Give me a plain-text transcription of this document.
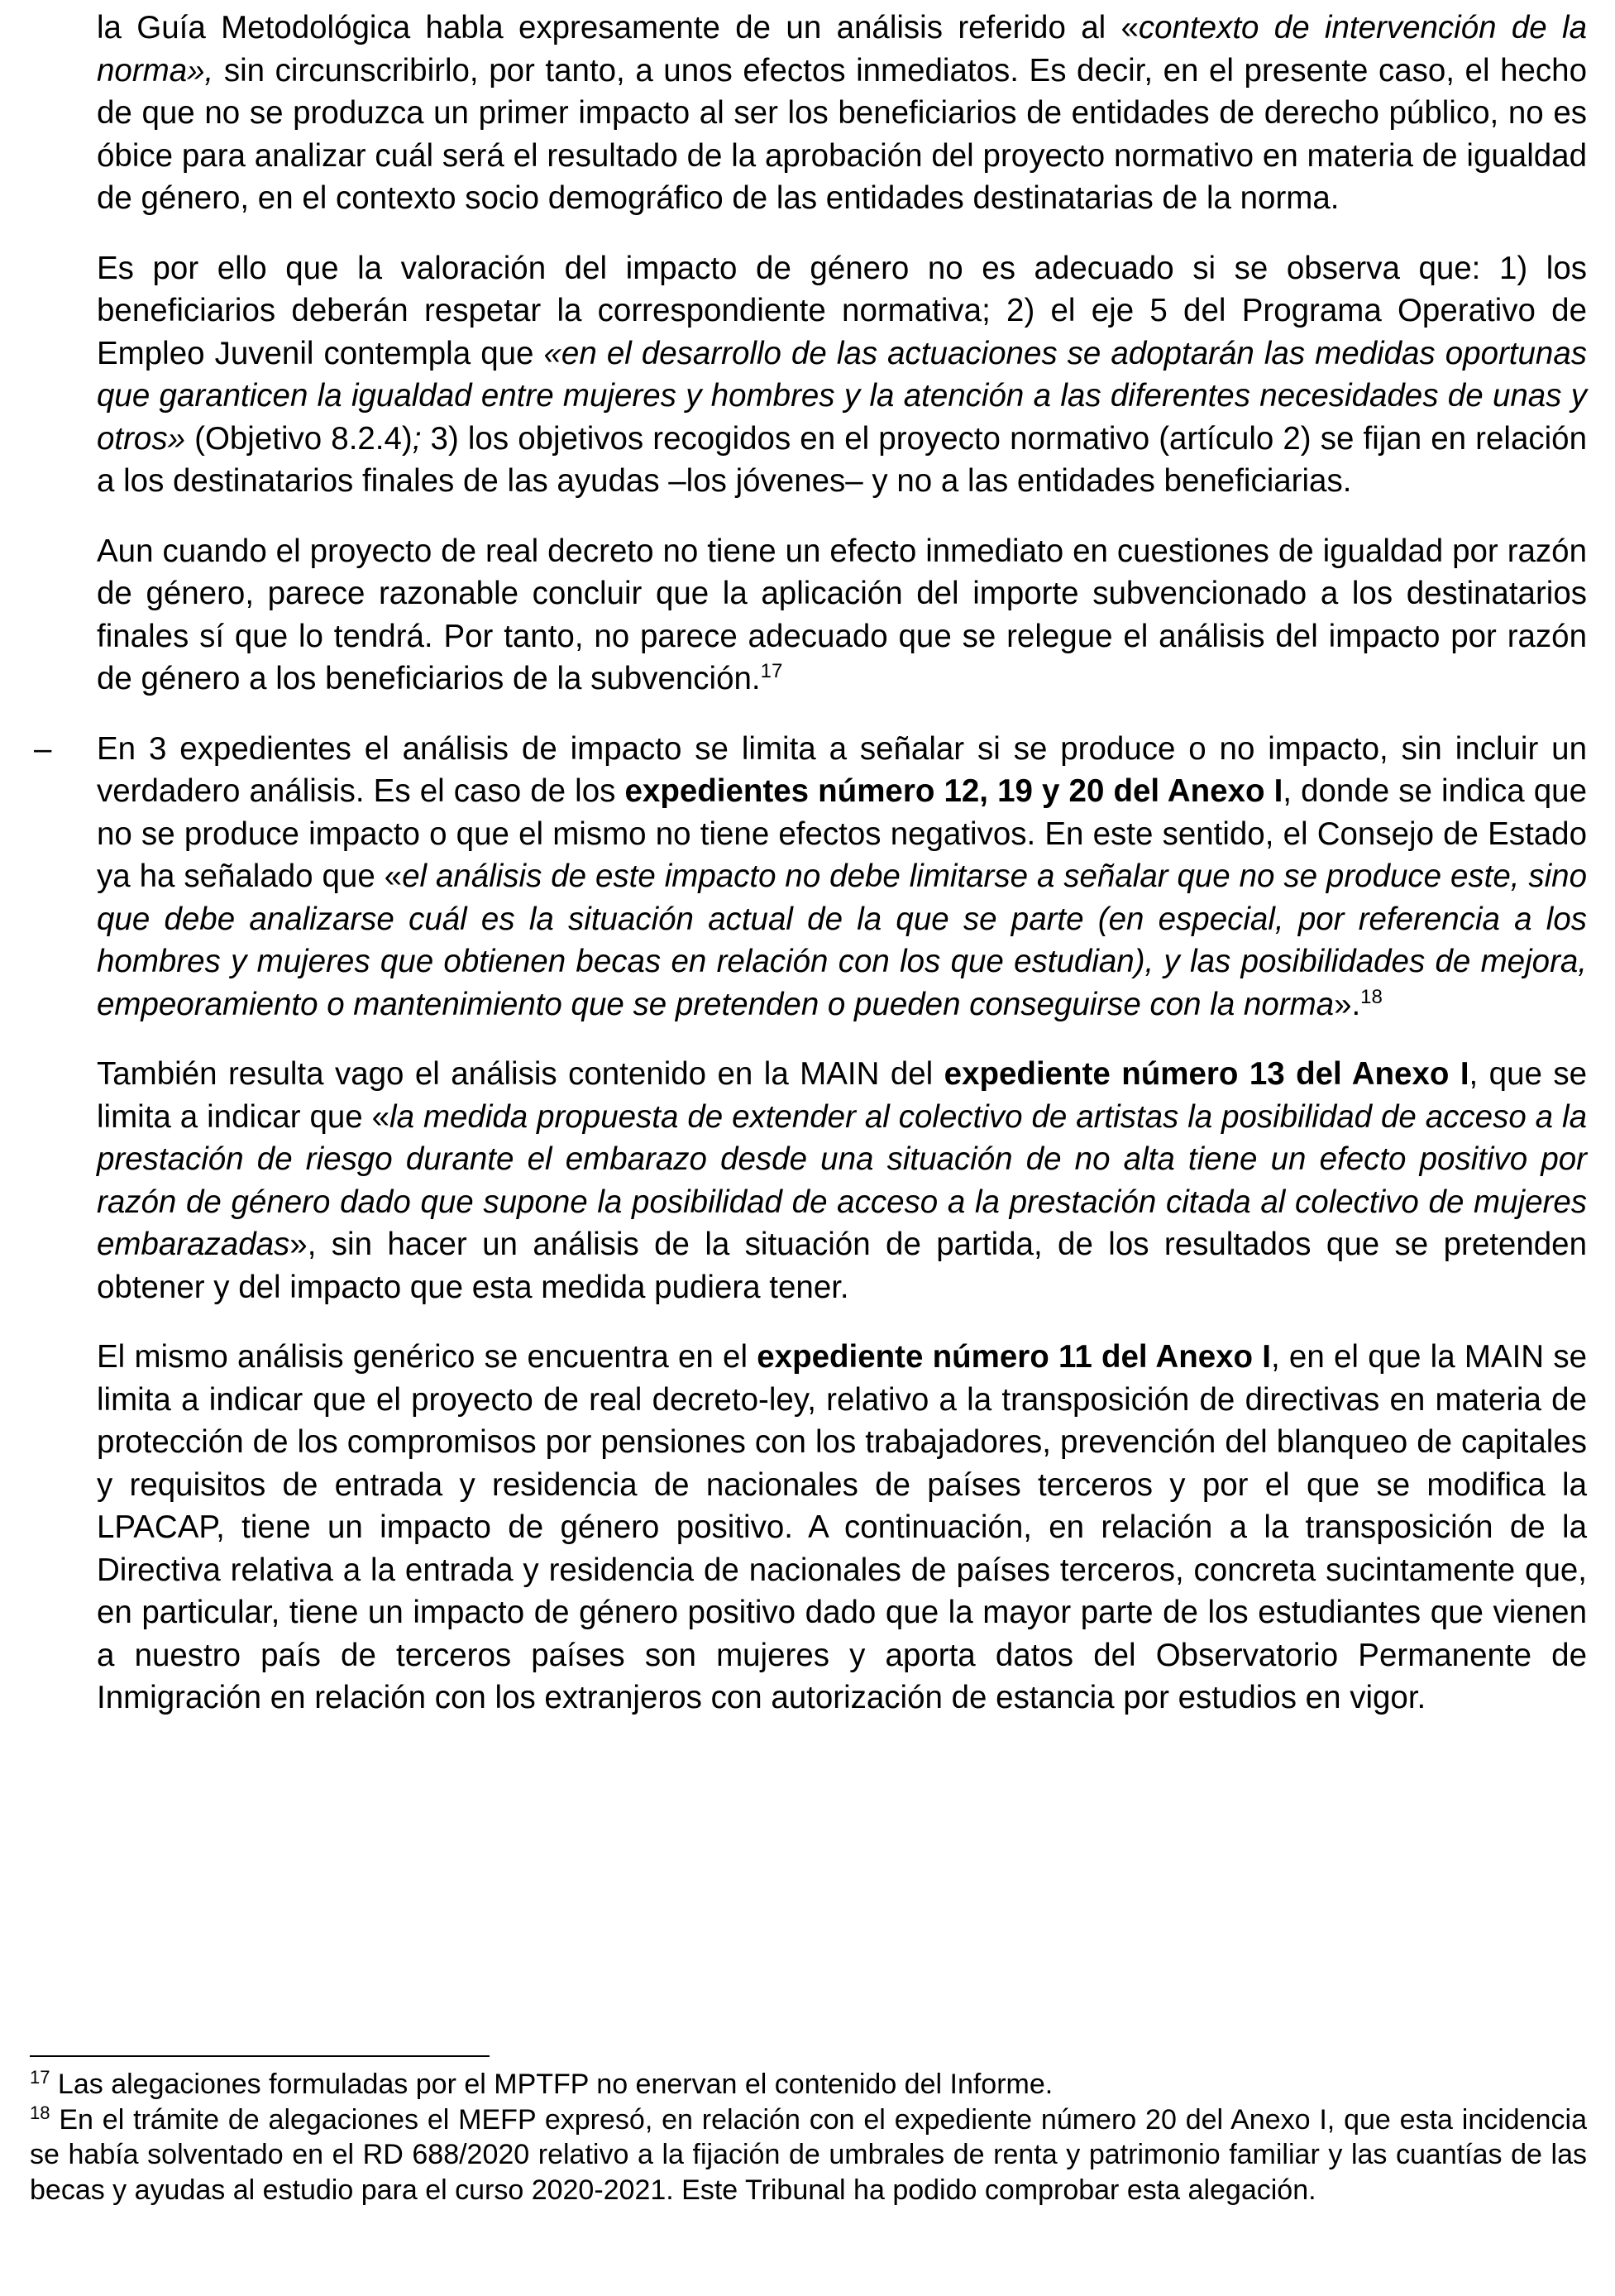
la Guía Metodológica habla expresamente de un análisis referido al «contexto de intervención de la norma», sin circunscribirlo, por tanto, a unos efectos inmediatos. Es decir, en el presente caso, el hecho de que no se produzca un primer impacto al ser los beneficiarios de entidades de derecho público, no es óbice para analizar cuál será el resultado de la aprobación del proyecto normativo en materia de igualdad de género, en el contexto socio demográfico de las entidades destinatarias de la norma.

Es por ello que la valoración del impacto de género no es adecuado si se observa que: 1) los beneficiarios deberán respetar la correspondiente normativa; 2) el eje 5 del Programa Operativo de Empleo Juvenil contempla que «en el desarrollo de las actuaciones se adoptarán las medidas oportunas que garanticen la igualdad entre mujeres y hombres y la atención a las diferentes necesidades de unas y otros» (Objetivo 8.2.4); 3) los objetivos recogidos en el proyecto normativo (artículo 2) se fijan en relación a los destinatarios finales de las ayudas –los jóvenes– y no a las entidades beneficiarias.

Aun cuando el proyecto de real decreto no tiene un efecto inmediato en cuestiones de igualdad por razón de género, parece razonable concluir que la aplicación del importe subvencionado a los destinatarios finales sí que lo tendrá. Por tanto, no parece adecuado que se relegue el análisis del impacto por razón de género a los beneficiarios de la subvención.$^{17}$

– En 3 expedientes el análisis de impacto se limita a señalar si se produce o no impacto, sin incluir un verdadero análisis. Es el caso de los expedientes número 12, 19 y 20 del Anexo I, donde se indica que no se produce impacto o que el mismo no tiene efectos negativos. En este sentido, el Consejo de Estado ya ha señalado que «el análisis de este impacto no debe limitarse a señalar que no se produce este, sino que debe analizarse cuál es la situación actual de la que se parte (en especial, por referencia a los hombres y mujeres que obtienen becas en relación con los que estudian), y las posibilidades de mejora, empeoramiento o mantenimiento que se pretenden o pueden conseguirse con la norma».$^{18}$

También resulta vago el análisis contenido en la MAIN del expediente número 13 del Anexo I, que se limita a indicar que «la medida propuesta de extender al colectivo de artistas la posibilidad de acceso a la prestación de riesgo durante el embarazo desde una situación de no alta tiene un efecto positivo por razón de género dado que supone la posibilidad de acceso a la prestación citada al colectivo de mujeres embarazadas», sin hacer un análisis de la situación de partida, de los resultados que se pretenden obtener y del impacto que esta medida pudiera tener.

El mismo análisis genérico se encuentra en el expediente número 11 del Anexo I, en el que la MAIN se limita a indicar que el proyecto de real decreto-ley, relativo a la transposición de directivas en materia de protección de los compromisos por pensiones con los trabajadores, prevención del blanqueo de capitales y requisitos de entrada y residencia de nacionales de países terceros y por el que se modifica la LPACAP, tiene un impacto de género positivo. A continuación, en relación a la transposición de la Directiva relativa a la entrada y residencia de nacionales de países terceros, concreta sucintamente que, en particular, tiene un impacto de género positivo dado que la mayor parte de los estudiantes que vienen a nuestro país de terceros países son mujeres y aporta datos del Observatorio Permanente de Inmigración en relación con los extranjeros con autorización de estancia por estudios en vigor.

$^{17}$ Las alegaciones formuladas por el MPTFP no enervan el contenido del Informe.

$^{18}$ En el trámite de alegaciones el MEFP expresó, en relación con el expediente número 20 del Anexo I, que esta incidencia se había solventado en el RD 688/2020 relativo a la fijación de umbrales de renta y patrimonio familiar y las cuantías de las becas y ayudas al estudio para el curso 2020-2021. Este Tribunal ha podido comprobar esta alegación.
